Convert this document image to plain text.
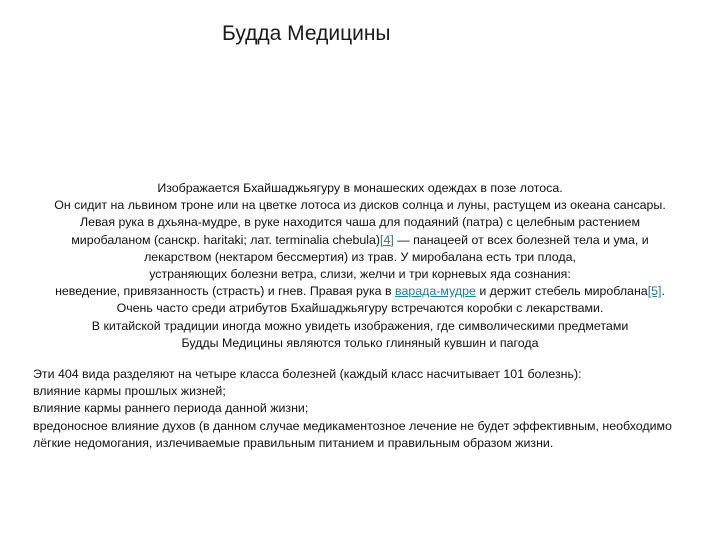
Будда Медицины
Изображается Бхайшаджьягуру в монашеских одеждах в позе лотоса.
Он сидит на львином троне или на цветке лотоса из дисков солнца и луны, растущем из океана сансары.
Левая рука в дхьяна-мудре, в руке находится чаша для подаяний (патра) с целебным растением
миробаланом (санскр. haritaki; лат. terminalia chebula)[4] — панацеей от всех болезней тела и ума, и
лекарством (нектаром бессмертия) из трав. У миробалана есть три плода,
устраняющих болезни ветра, слизи, желчи и три корневых яда сознания:
неведение, привязанность (страсть) и гнев. Правая рука в варада-мудре и держит стебель миробланa[5].
Очень часто среди атрибутов Бхайшаджьягуру встречаются коробки с лекарствами.
В китайской традиции иногда можно увидеть изображения, где символическими предметами
Будды Медицины являются только глиняный кувшин и пагода
Эти 404 вида разделяют на четыре класса болезней (каждый класс насчитывает 101 болезнь):
влияние кармы прошлых жизней;
влияние кармы раннего периода данной жизни;
вредоносное влияние духов (в данном случае медикаментозное лечение не будет эффективным, необходимо
лёгкие недомогания, излечиваемые правильным питанием и правильным образом жизни.
